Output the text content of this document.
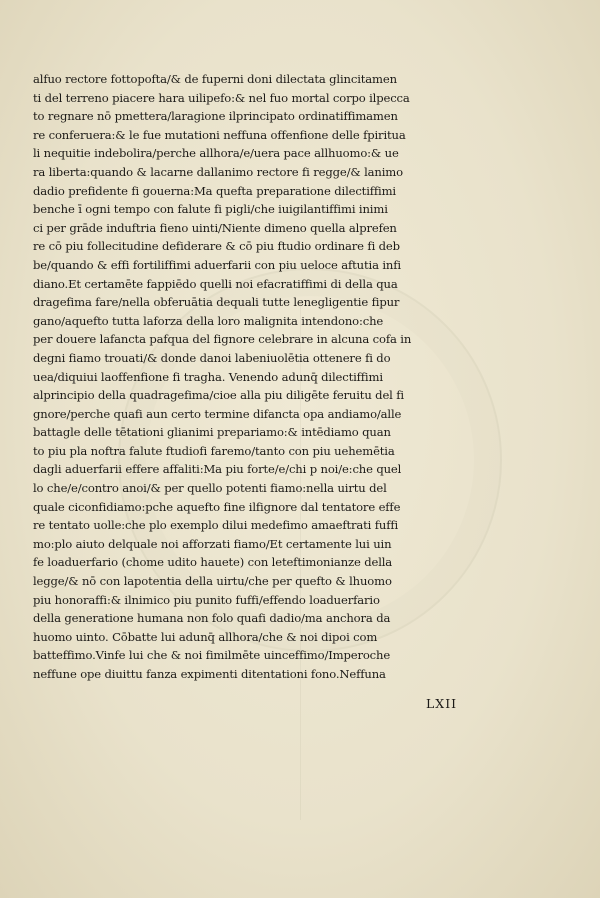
alfuo rectore fottopofta/& de fuperni doni dilectata glincitamen
ti del terreno piacere hara uilipefo:& nel fuo mortal corpo ilpecca
to regnare nō pmettera/laragione ilprincipato ordinatiffimamen
re conferuera:& le fue mutationi neffuna offenfione delle fpiritua
li nequitie indebolira/perche allhora/e/uera pace allhuomo:& ue
ra liberta:quando & lacarne dallanimo rectore fi regge/& lanimo
dadio prefidente fi gouerna:Ma quefta preparatione dilectiffimi
benche ī ogni tempo con falute fi pigli/che iuigilantiffimi inimi
ci per grāde induftria fieno uinti/Niente dimeno quella alprefen
re cō piu follecitudine defiderare & cō piu ftudio ordinare fi deb
be/quando & effi fortiliffimi aduerfarii con piu ueloce aftutia infi
diano.Et certamēte fappiēdo quelli noi efacratiffimi di della qua
dragefima fare/nella obferuātia dequali tutte lenegligentie fipur
gano/aquefto tutta laforza della loro malignita intendono:che
per douere lafancta pafqua del fignore celebrare in alcuna cofa in
degni fiamo trouati/& donde danoi labeniuolētia ottenere fi do
uea/diquiui laoffenfione fi tragha. Venendo adunq̄ dilectiffimi
alprincipio della quadragefima/cioe alla piu diligēte feruitu del fi
gnore/perche quafi aun certo termine difancta opa andiamo/alle
battagle delle tētationi glianimi prepariamo:& intēdiamo quan
to piu pla noftra falute ftudiofi faremo/tanto con piu uehemētia
dagli aduerfarii effere affaliti:Ma piu forte/e/chi p noi/e:che quel
lo che/e/contro anoi/& per quello potenti fiamo:nella uirtu del
quale ciconfidiamo:pche aquefto fine ilfignore dal tentatore effe
re tentato uolle:che plo exemplo dilui medefimo amaeftrati fuffi
mo:plo aiuto delquale noi afforzati fiamo/Et certamente lui uin
fe loaduerfario (chome udito hauete) con leteftimonianze della
legge/& nō con lapotentia della uirtu/che per quefto & lhuomo
piu honoraffi:& ilnimico piu punito fuffi/effendo loaduerfario
della generatione humana non folo quafi dadio/ma anchora da
huomo uinto. Cōbatte lui adunq̄ allhora/che & noi dipoi com
batteffimo.Vinfe lui che & noi fimilmēte uinceffimo/Imperoche
neffune ope diuittu fanza expimenti ditentationi fono.Neffuna
LXII
